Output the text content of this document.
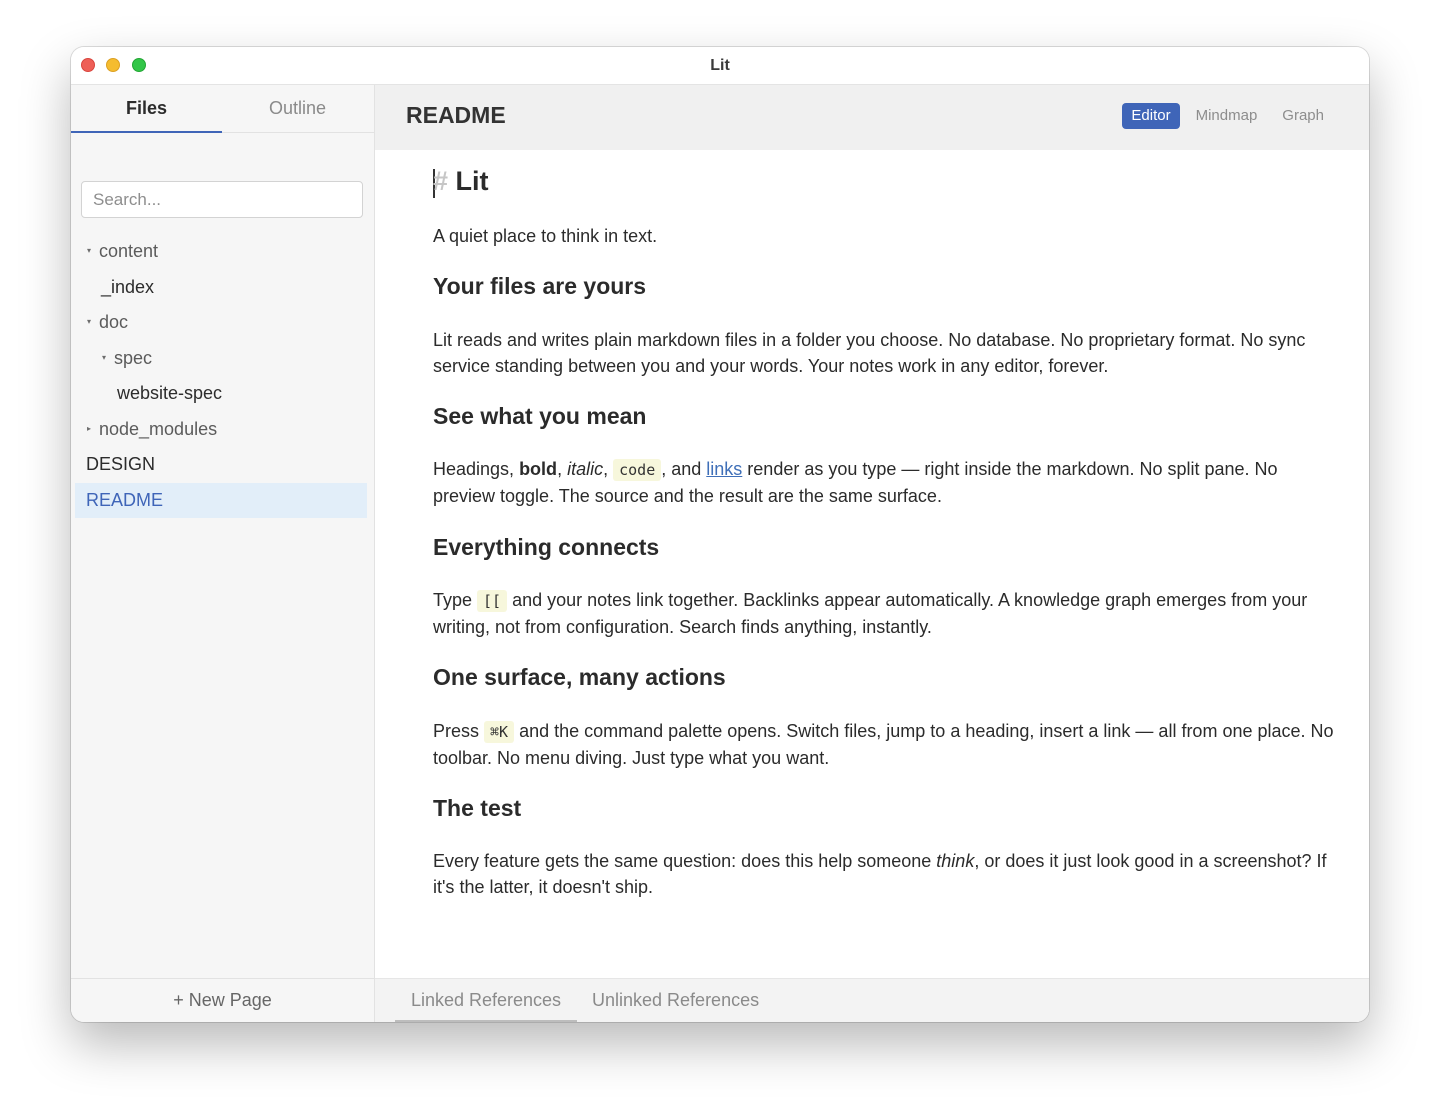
Lit
Files	Outline
Search...
▾ content
_index
▾ doc
▾ spec
website-spec
▸ node_modules
DESIGN
README
+ New Page
README	Editor Mindmap Graph
# Lit
A quiet place to think in text.
Your files are yours
Lit reads and writes plain markdown files in a folder you choose. No database. No proprietary format. No sync service standing between you and your words. Your notes work in any editor, forever.
See what you mean
Headings, bold, italic, code , and links render as you type — right inside the markdown. No split pane. No preview toggle. The source and the result are the same surface.
Everything connects
Type [[ and your notes link together. Backlinks appear automatically. A knowledge graph emerges from your writing, not from configuration. Search finds anything, instantly.
One surface, many actions
Press ⌘K and the command palette opens. Switch files, jump to a heading, insert a link — all from one place. No toolbar. No menu diving. Just type what you want.
The test
Every feature gets the same question: does this help someone think, or does it just look good in a screenshot? If it's the latter, it doesn't ship.
Linked References	Unlinked References
